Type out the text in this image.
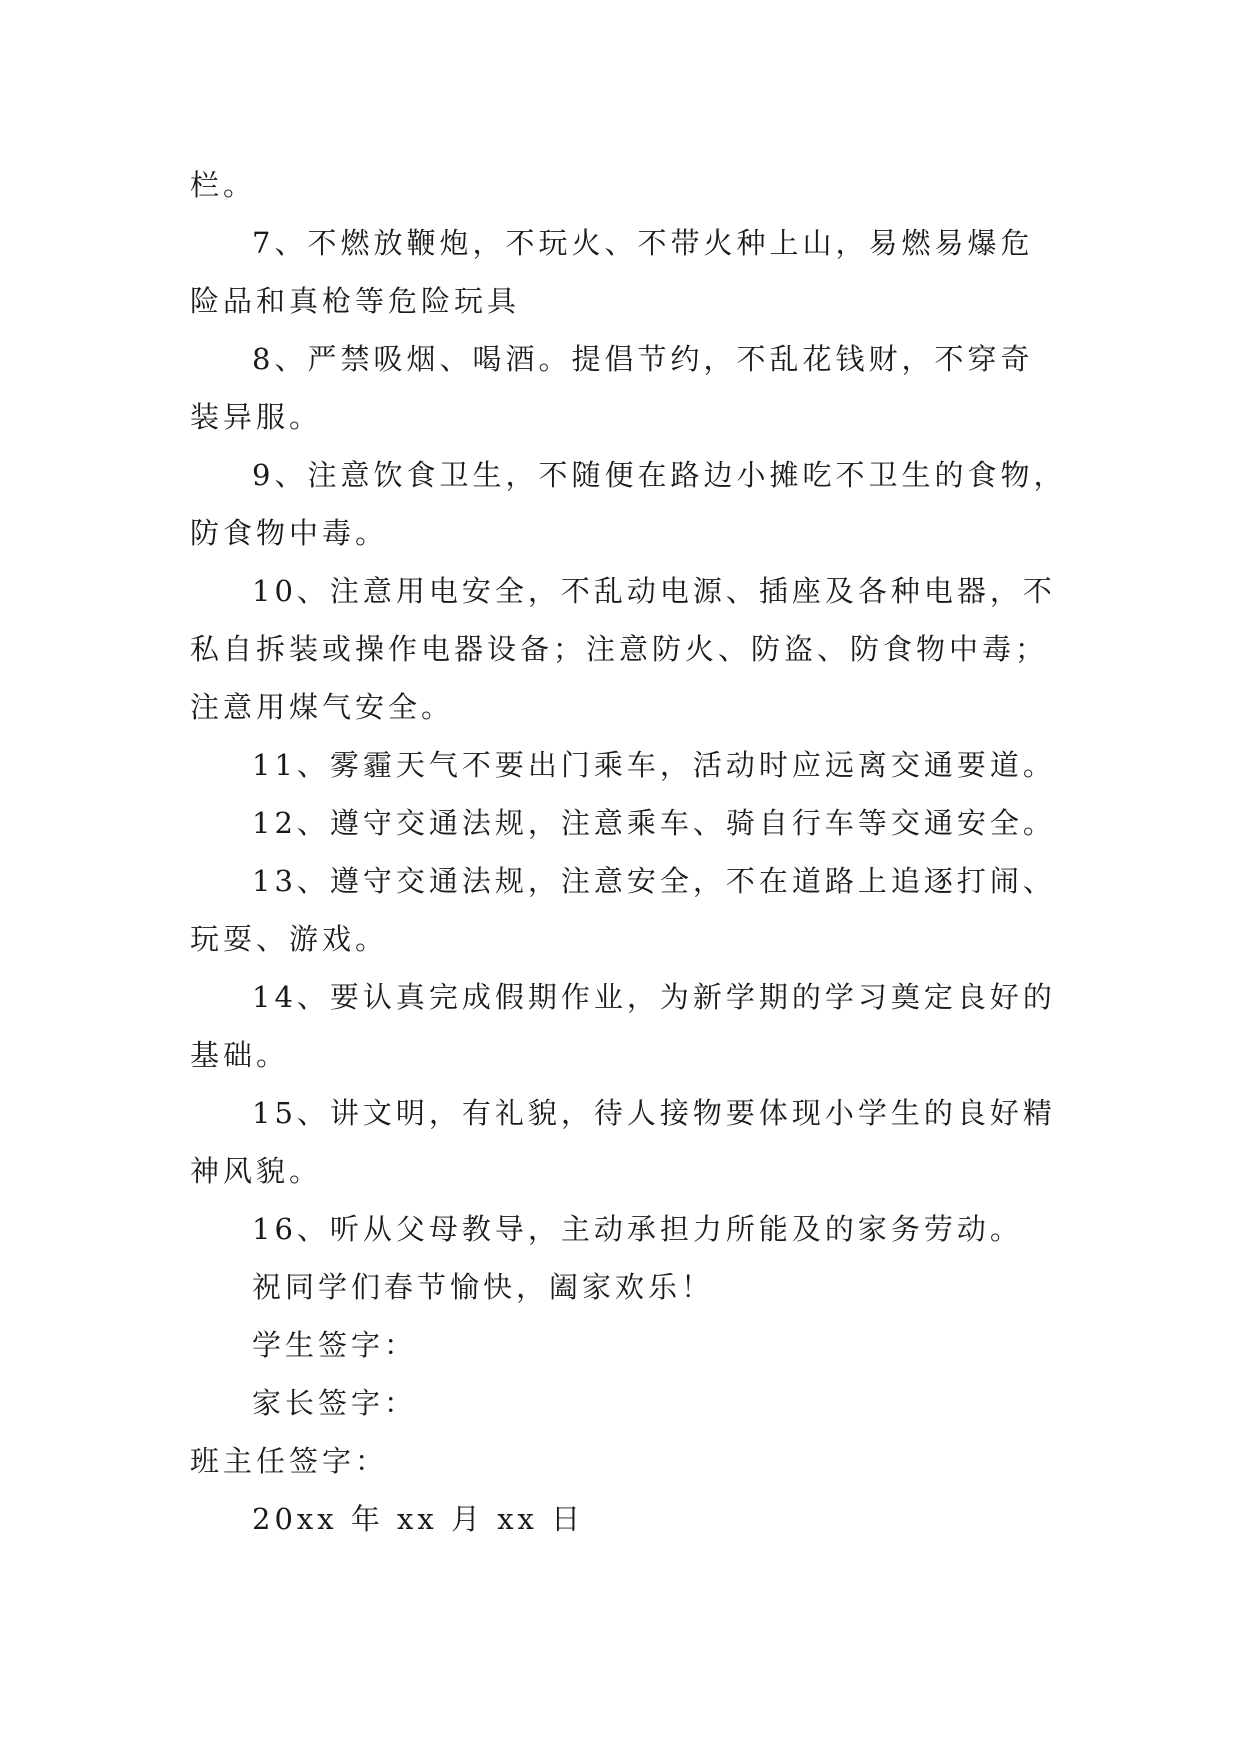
栏。

7、不燃放鞭炮，不玩火、不带火种上山，易燃易爆危

险品和真枪等危险玩具

8、严禁吸烟、喝酒。提倡节约，不乱花钱财，不穿奇

装异服。

9、注意饮食卫生，不随便在路边小摊吃不卫生的食物，

防食物中毒。

10、注意用电安全，不乱动电源、插座及各种电器，不

私自拆装或操作电器设备；注意防火、防盗、防食物中毒；

注意用煤气安全。

11、雾霾天气不要出门乘车，活动时应远离交通要道。

12、遵守交通法规，注意乘车、骑自行车等交通安全。

13、遵守交通法规，注意安全，不在道路上追逐打闹、

玩耍、游戏。

14、要认真完成假期作业，为新学期的学习奠定良好的

基础。

15、讲文明，有礼貌，待人接物要体现小学生的良好精

神风貌。

16、听从父母教导，主动承担力所能及的家务劳动。

祝同学们春节愉快，阖家欢乐！

学生签字：

家长签字：

班主任签字：

20xx 年 xx 月 xx 日
